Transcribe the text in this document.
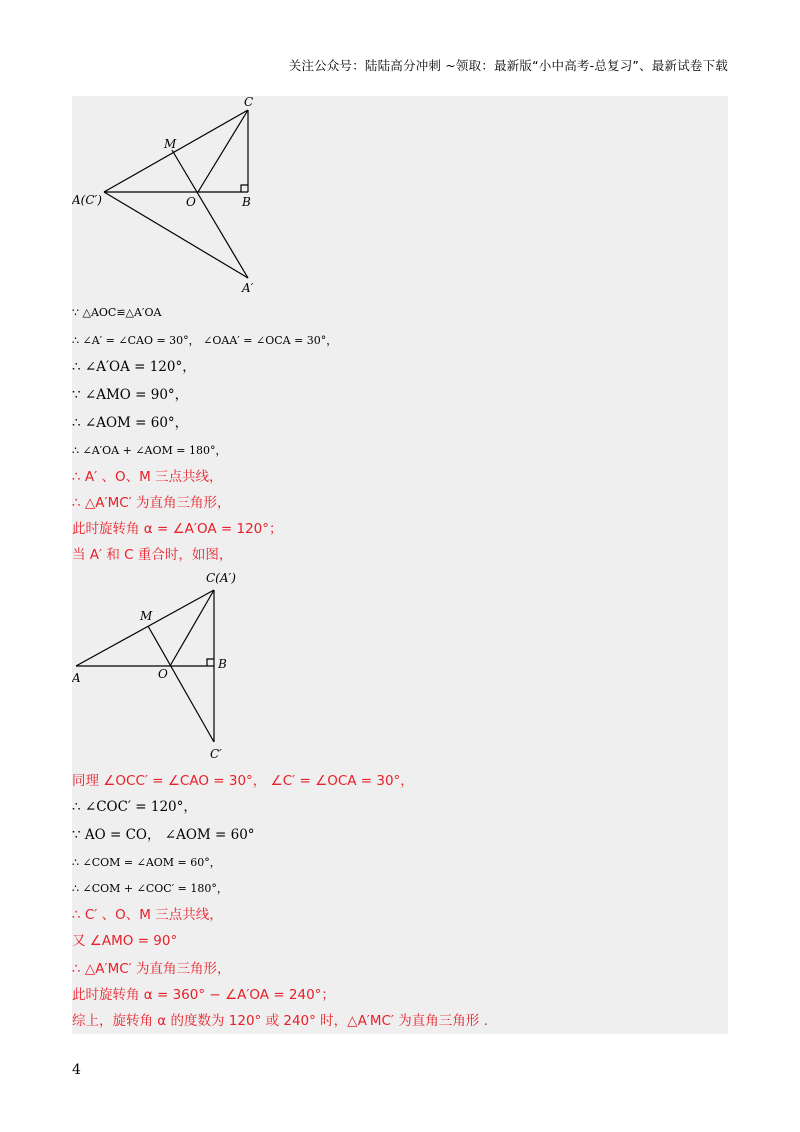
关注公众号：陆陆高分冲刺 ~领取：最新版“小中高考-总复习”、最新试卷下载
C
M
A(C′)	O	B
A′
∵ △AOC≌△A′OA
∴ ∠A′ = ∠CAO = 30°， ∠OAA′ = ∠OCA = 30°，
∴ ∠A′OA = 120°，
∵ ∠AMO = 90°，
∴ ∠AOM = 60°，
∴ ∠A′OA + ∠AOM = 180°，
∴ A′ 、O、M 三点共线，
∴ △A′MC′ 为直角三角形，
此时旋转角 α = ∠A′OA = 120°；
当 A′ 和 C 重合时，如图，
C(A′)
M
A	O
B
C′
同理 ∠OCC′ = ∠CAO = 30°， ∠C′ = ∠OCA = 30°，
∴ ∠COC′ = 120°，
∵ AO = CO， ∠AOM = 60°
∴ ∠COM = ∠AOM = 60°，
∴ ∠COM + ∠COC′ = 180°，
∴ C′ 、O、M 三点共线，
又 ∠AMO = 90°
∴ △A′MC′ 为直角三角形，
此时旋转角 α = 360° − ∠A′OA = 240°；
综上，旋转角 α 的度数为 120° 或 240° 时，△A′MC′ 为直角三角形 .
4
